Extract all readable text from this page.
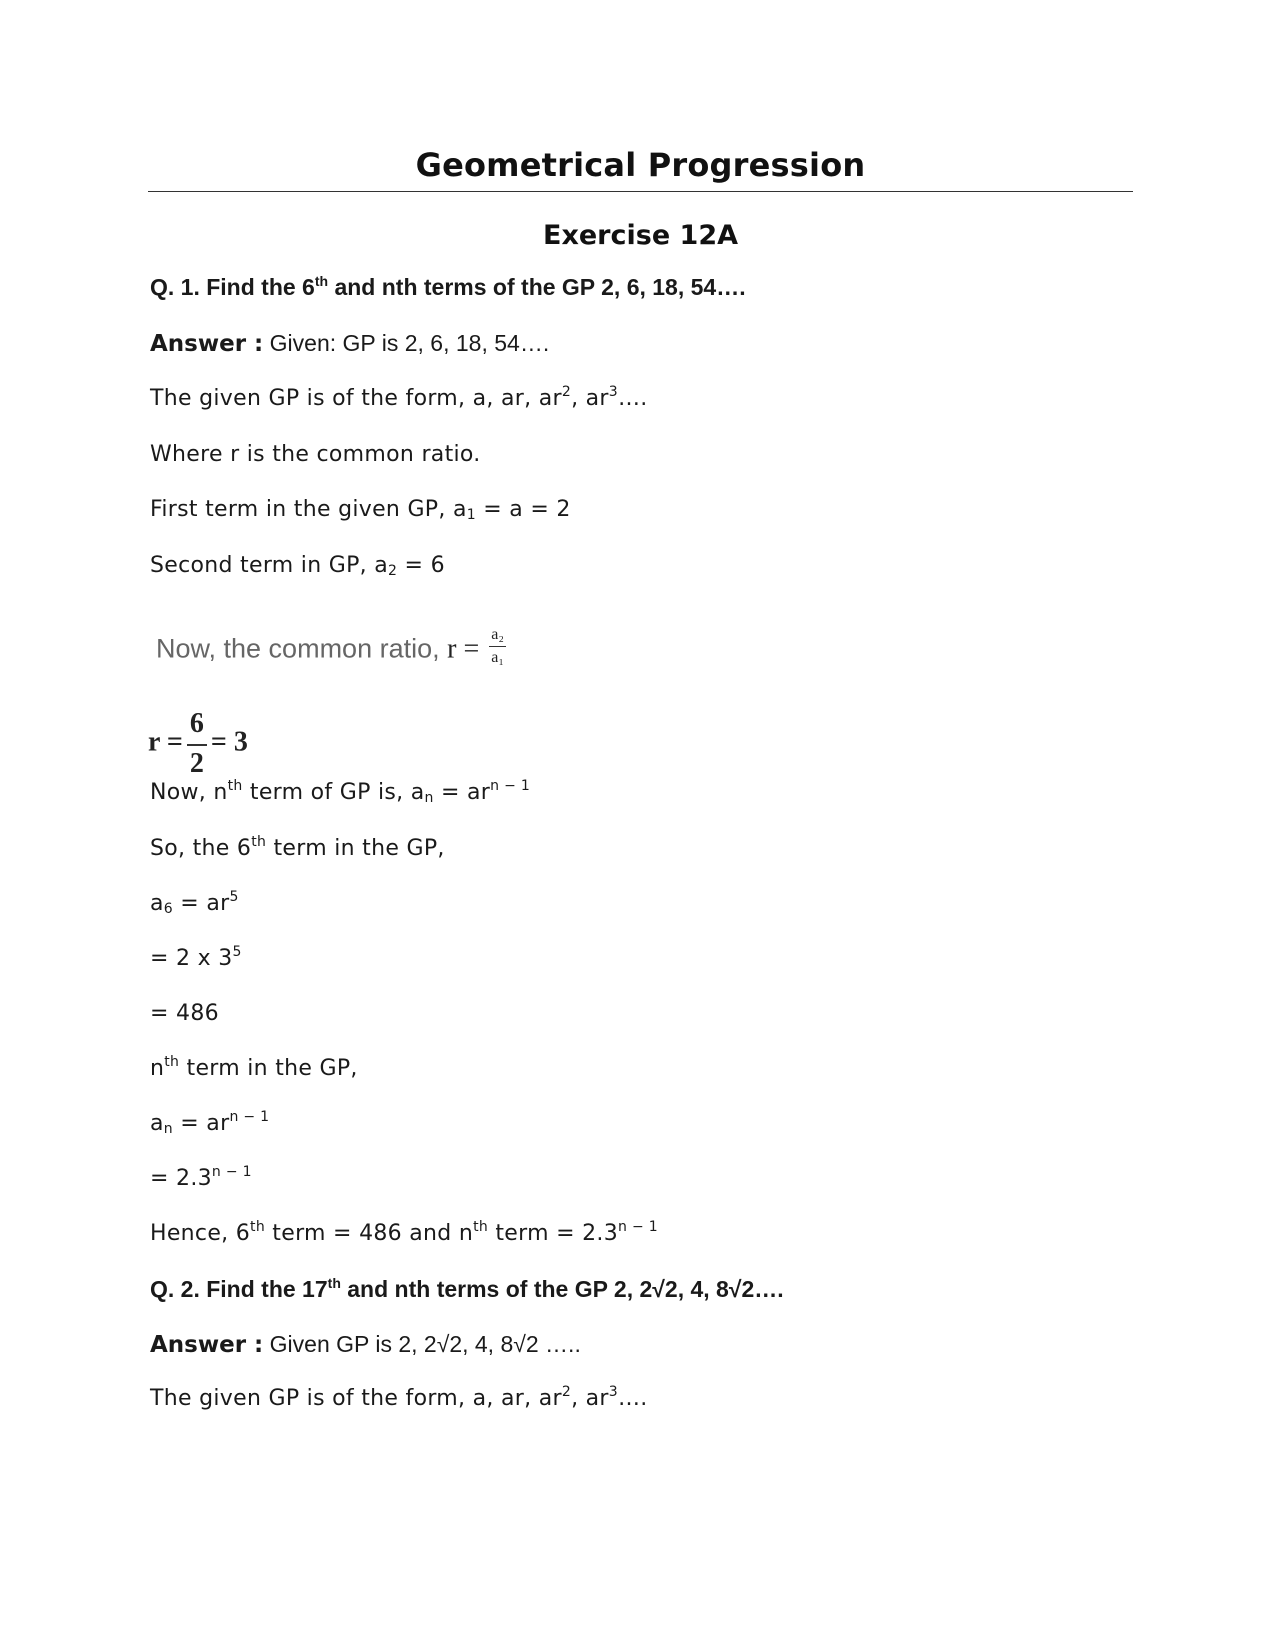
Geometrical Progression
Exercise 12A
Q. 1. Find the 6th and nth terms of the GP 2, 6, 18, 54….
Answer : Given: GP is 2, 6, 18, 54….
The given GP is of the form, a, ar, $ar^2$, $ar^3\dots$.
Where r is the common ratio.
First term in the given GP, $a_1 = a = 2$
Second term in GP, $a_2 = 6$
Now, the common ratio, $r = \frac{\text{a₂}}{\text{a₁}}$
$r = \frac{6}{2} = 3$
Now, $n^{th}$ term of GP is, $a_n = ar^{n - 1}$
So, the 6th term in the GP,
$a_6 = ar^5$
= 2 x $3^5$
= 486
$n^{th}$ term in the GP,
$a_n = ar^{n - 1}$
= $2.3^{n - 1}$
Hence, 6th term = 486 and $n^{th}$ term = $2.3^{n - 1}$
Q. 2. Find the 17th and nth terms of the GP 2, 2√2, 4, 8√2….
Answer : Given GP is 2, 2√2, 4, 8√2 …..
The given GP is of the form, a, ar, $ar^2$, $ar^3\dots$.
